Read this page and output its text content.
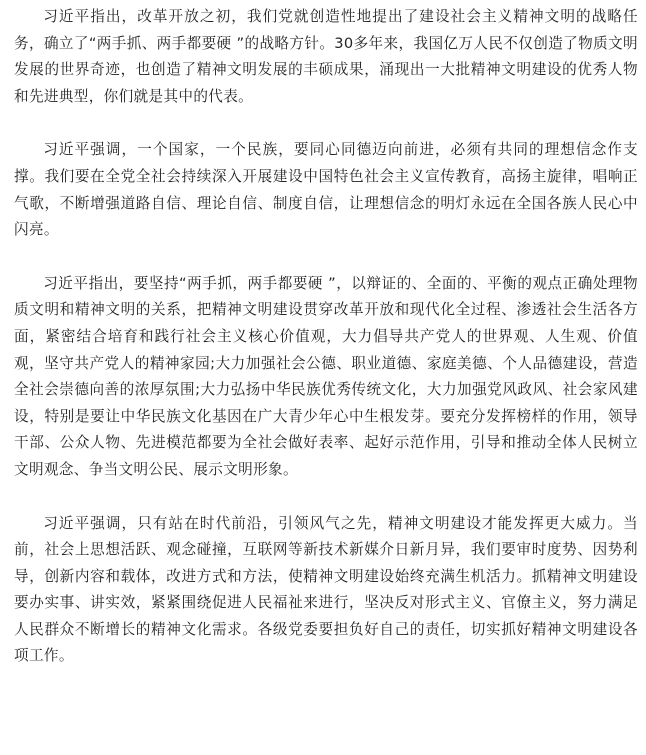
习近平指出，改革开放之初，我们党就创造性地提出了建设社会主义精神文明的战略任务，确立了“两手抓、两手都要硬 ”的战略方针。30多年来，我国亿万人民不仅创造了物质文明发展的世界奇迹，也创造了精神文明发展的丰硕成果，涌现出一大批精神文明建设的优秀人物和先进典型，你们就是其中的代表。

习近平强调，一个国家，一个民族，要同心同德迈向前进，必须有共同的理想信念作支撑。我们要在全党全社会持续深入开展建设中国特色社会主义宣传教育，高扬主旋律，唱响正气歌，不断增强道路自信、理论自信、制度自信，让理想信念的明灯永远在全国各族人民心中闪亮。

习近平指出，要坚持“两手抓，两手都要硬 ”，以辩证的、全面的、平衡的观点正确处理物质文明和精神文明的关系，把精神文明建设贯穿改革开放和现代化全过程、渗透社会生活各方面，紧密结合培育和践行社会主义核心价值观，大力倡导共产党人的世界观、人生观、价值观，坚守共产党人的精神家园;大力加强社会公德、职业道德、家庭美德、个人品德建设，营造全社会崇德向善的浓厚氛围;大力弘扬中华民族优秀传统文化，大力加强党风政风、社会家风建设，特别是要让中华民族文化基因在广大青少年心中生根发芽。要充分发挥榜样的作用，领导干部、公众人物、先进模范都要为全社会做好表率、起好示范作用，引导和推动全体人民树立文明观念、争当文明公民、展示文明形象。

习近平强调，只有站在时代前沿，引领风气之先，精神文明建设才能发挥更大威力。当前，社会上思想活跃、观念碰撞，互联网等新技术新媒介日新月异，我们要审时度势、因势利导，创新内容和载体，改进方式和方法，使精神文明建设始终充满生机活力。抓精神文明建设要办实事、讲实效，紧紧围绕促进人民福祉来进行，坚决反对形式主义、官僚主义，努力满足人民群众不断增长的精神文化需求。各级党委要担负好自己的责任，切实抓好精神文明建设各项工作。
